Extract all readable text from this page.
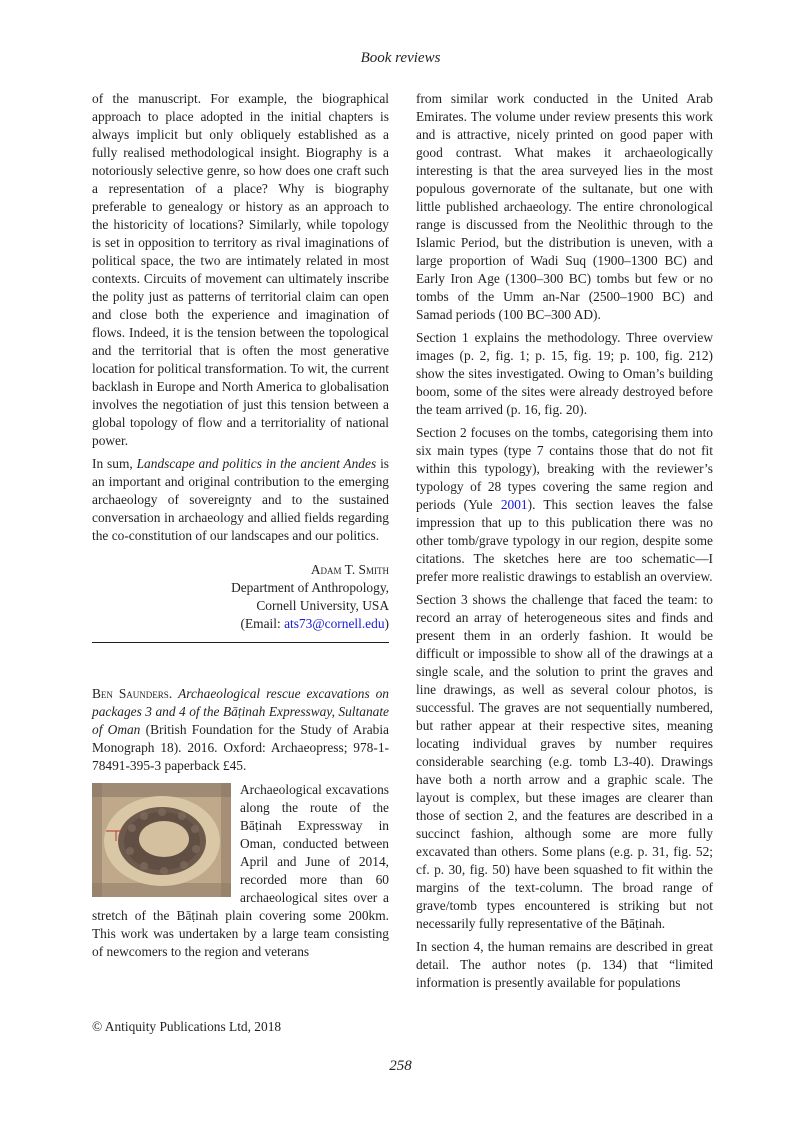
Book reviews

of the manuscript. For example, the biographical approach to place adopted in the initial chapters is always implicit but only obliquely established as a fully realised methodological insight. Biography is a notoriously selective genre, so how does one craft such a representation of a place? Why is biography preferable to genealogy or history as an approach to the historicity of locations? Similarly, while topology is set in opposition to territory as rival imaginations of political space, the two are intimately related in most contexts. Circuits of movement can ultimately inscribe the polity just as patterns of territorial claim can open and close both the experience and imagination of flows. Indeed, it is the tension between the topological and the territorial that is often the most generative location for political transformation. To wit, the current backlash in Europe and North America to globalisation involves the negotiation of just this tension between a global topology of flow and a territoriality of national power.

In sum, Landscape and politics in the ancient Andes is an important and original contribution to the emerging archaeology of sovereignty and to the sustained conversation in archaeology and allied fields regarding the co-constitution of our landscapes and our politics.

Adam T. Smith
Department of Anthropology,
Cornell University, USA
(Email: ats73@cornell.edu)

Ben Saunders. Archaeological rescue excavations on packages 3 and 4 of the Bāṭinah Expressway, Sultanate of Oman (British Foundation for the Study of Arabia Monograph 18). 2016. Oxford: Archaeopress; 978-1-78491-395-3 paperback £45.

Archaeological excavations along the route of the Bāṭinah Expressway in Oman, conducted between April and June of 2014, recorded more than 60 archaeological sites over a stretch of the Bāṭinah plain covering some 200km. This work was undertaken by a large team consisting of newcomers to the region and veterans

from similar work conducted in the United Arab Emirates. The volume under review presents this work and is attractive, nicely printed on good paper with good contrast. What makes it archaeologically interesting is that the area surveyed lies in the most populous governorate of the sultanate, but one with little published archaeology. The entire chronological range is discussed from the Neolithic through to the Islamic Period, but the distribution is uneven, with a large proportion of Wadi Suq (1900–1300 BC) and Early Iron Age (1300–300 BC) tombs but few or no tombs of the Umm an-Nar (2500–1900 BC) and Samad periods (100 BC–300 AD).

Section 1 explains the methodology. Three overview images (p. 2, fig. 1; p. 15, fig. 19; p. 100, fig. 212) show the sites investigated. Owing to Oman’s building boom, some of the sites were already destroyed before the team arrived (p. 16, fig. 20).

Section 2 focuses on the tombs, categorising them into six main types (type 7 contains those that do not fit within this typology), breaking with the reviewer’s typology of 28 types covering the same region and periods (Yule 2001). This section leaves the false impression that up to this publication there was no other tomb/grave typology in our region, despite some citations. The sketches here are too schematic—I prefer more realistic drawings to establish an overview.

Section 3 shows the challenge that faced the team: to record an array of heterogeneous sites and finds and present them in an orderly fashion. It would be difficult or impossible to show all of the drawings at a single scale, and the solution to print the graves and line drawings, as well as several colour photos, is successful. The graves are not sequentially numbered, but rather appear at their respective sites, meaning locating individual graves by number requires considerable searching (e.g. tomb L3-40). Drawings have both a north arrow and a graphic scale. The layout is complex, but these images are clearer than those of section 2, and the features are described in a succinct fashion, although some are more fully excavated than others. Some plans (e.g. p. 31, fig. 52; cf. p. 30, fig. 50) have been squashed to fit within the margins of the text-column. The broad range of grave/tomb types encountered is striking but not necessarily fully representative of the Bāṭinah.

In section 4, the human remains are described in great detail. The author notes (p. 134) that “limited information is presently available for populations

© Antiquity Publications Ltd, 2018
258
